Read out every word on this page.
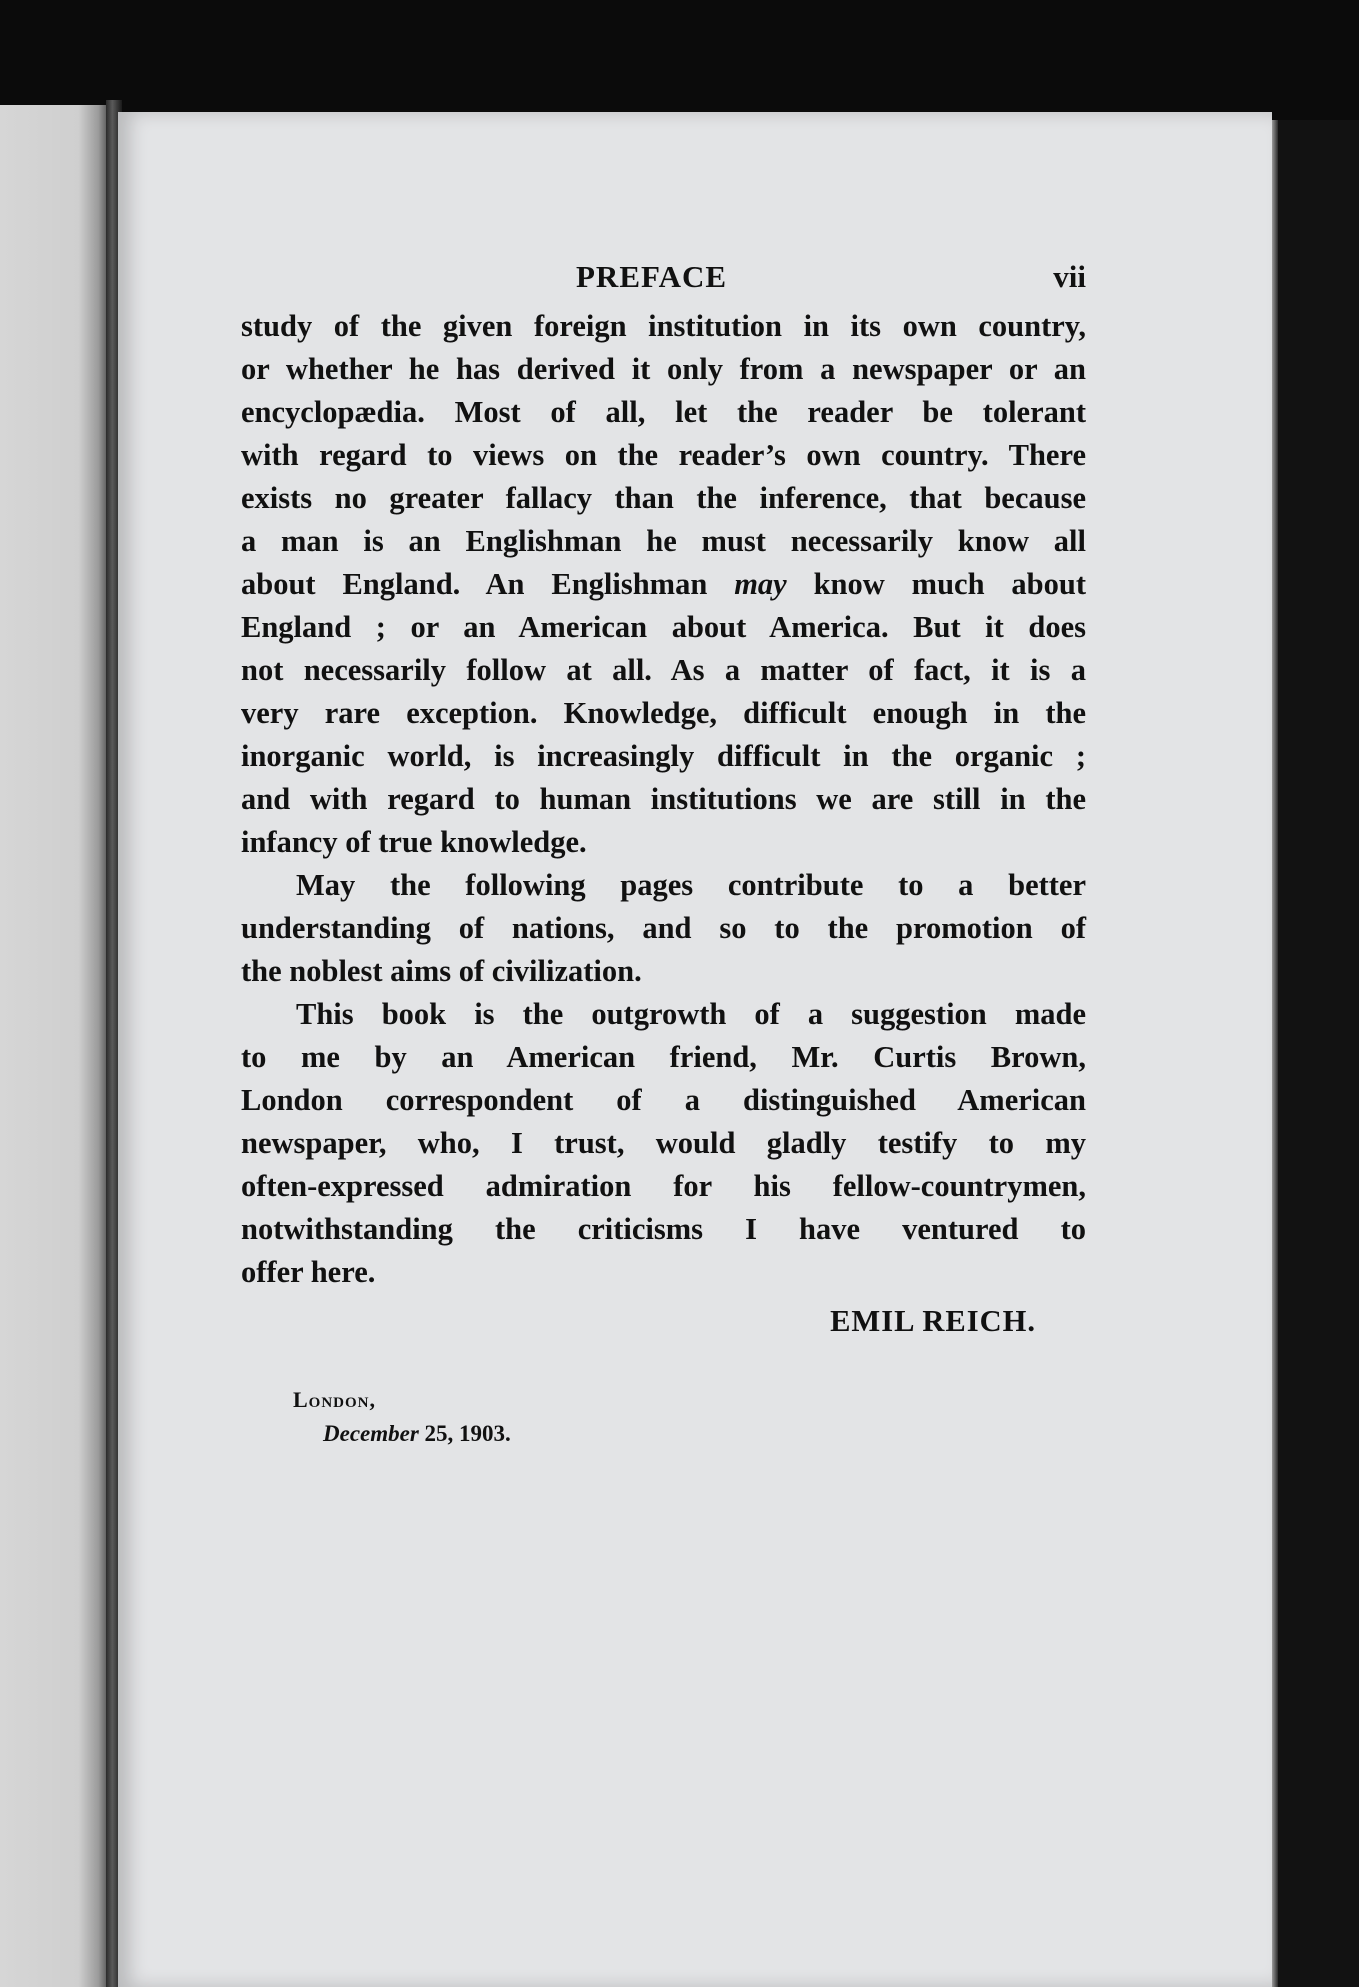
PREFACE	vii
study of the given foreign institution in its own country,
or whether he has derived it only from a newspaper or an
encyclopædia. Most of all, let the reader be tolerant
with regard to views on the reader’s own country. There
exists no greater fallacy than the inference, that because
a man is an Englishman he must necessarily know all
about England. An Englishman may know much about
England ; or an American about America. But it does
not necessarily follow at all. As a matter of fact, it is a
very rare exception. Knowledge, difficult enough in the
inorganic world, is increasingly difficult in the organic ;
and with regard to human institutions we are still in the
infancy of true knowledge.
May the following pages contribute to a better
understanding of nations, and so to the promotion of
the noblest aims of civilization.
This book is the outgrowth of a suggestion made
to me by an American friend, Mr. Curtis Brown,
London correspondent of a distinguished American
newspaper, who, I trust, would gladly testify to my
often-expressed admiration for his fellow-countrymen,
notwithstanding the criticisms I have ventured to
offer here.
EMIL REICH.
London,
December 25, 1903.
